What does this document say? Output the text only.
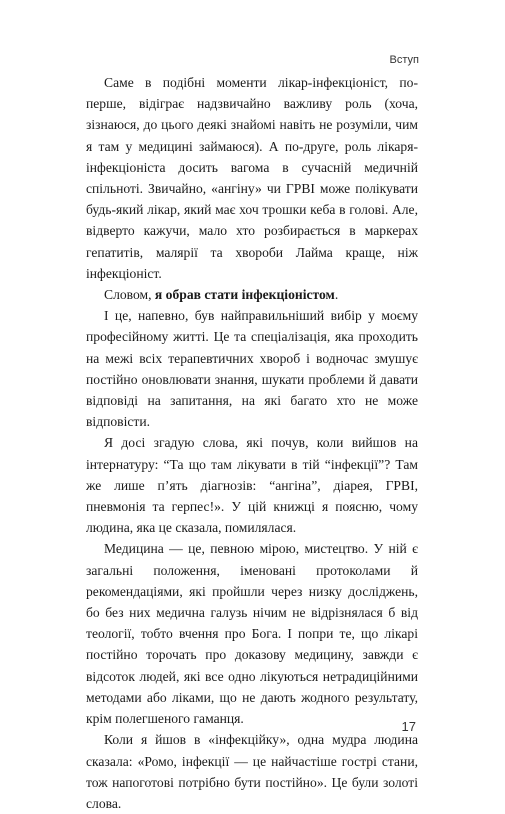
Вступ

Саме в подібні моменти лікар-інфекціоніст, по-перше, відіграє надзвичайно важливу роль (хоча, зізнаюся, до цього деякі знайомі навіть не розуміли, чим я там у медицині займаюся). А по-друге, роль лікаря-інфекціоніста досить вагома в сучасній медичній спільноті. Звичайно, «ангіну» чи ГРВІ може полікувати будь-який лікар, який має хоч трошки кеба в голові. Але, відверто кажучи, мало хто розбирається в маркерах гепатитів, малярії та хвороби Лайма краще, ніж інфекціоніст.

Словом, я обрав стати інфекціоністом.

І це, напевно, був найправильніший вибір у моєму професійному житті. Це та спеціалізація, яка проходить на межі всіх терапевтичних хвороб і водночас змушує постійно оновлювати знання, шукати проблеми й давати відповіді на запитання, на які багато хто не може відповісти.

Я досі згадую слова, які почув, коли вийшов на інтернатуру: “Та що там лікувати в тій “інфекції”? Там же лише п’ять діагнозів: “ангіна”, діарея, ГРВІ, пневмонія та герпес!». У цій книжці я поясню, чому людина, яка це сказала, помилялася.

Медицина — це, певною мірою, мистецтво. У ній є загальні положення, іменовані протоколами й рекомендаціями, які пройшли через низку досліджень, бо без них медична галузь нічим не відрізнялася б від теології, тобто вчення про Бога. І попри те, що лікарі постійно торочать про доказову медицину, завжди є відсоток людей, які все одно лікуються нетрадиційними методами або ліками, що не дають жодного результату, крім полегшеного гаманця.

Коли я йшов в «інфекційку», одна мудра людина сказала: «Ромо, інфекції — це найчастіше гострі стани, тож напоготові потрібно бути постійно». Це були золоті слова.

17
